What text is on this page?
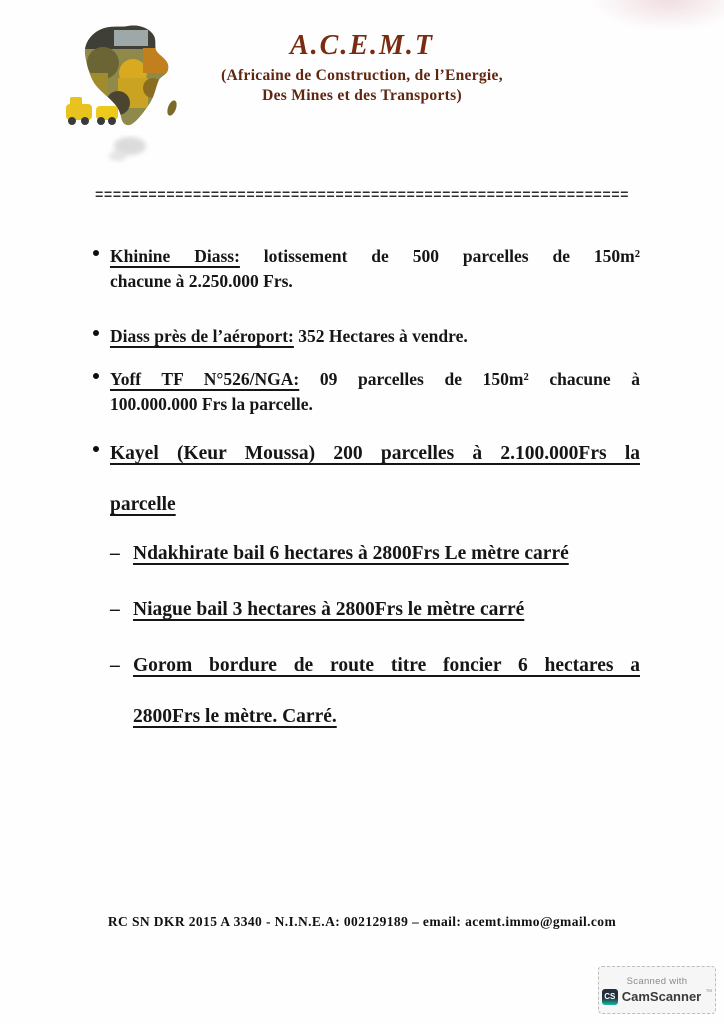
A.C.E.M.T
(Africaine de Construction, de l’Energie,
Des Mines et des Transports)
============================================================
Khinine Diass: lotissement de 500 parcelles de 150m²
chacune à 2.250.000 Frs.
Diass près de l’aéroport: 352 Hectares à vendre.
Yoff TF N°526/NGA: 09 parcelles de 150m² chacune à
100.000.000 Frs la parcelle.
Kayel (Keur Moussa) 200 parcelles à 2.100.000Frs la
parcelle
– Ndakhirate bail 6 hectares à 2800Frs Le mètre carré
– Niague bail 3 hectares à 2800Frs le mètre carré
– Gorom bordure de route titre foncier 6 hectares a
2800Frs le mètre. Carré.
RC SN DKR 2015 A 3340 - N.I.N.E.A: 002129189 – email: acemt.immo@gmail.com
Scanned with
CS CamScanner ™
